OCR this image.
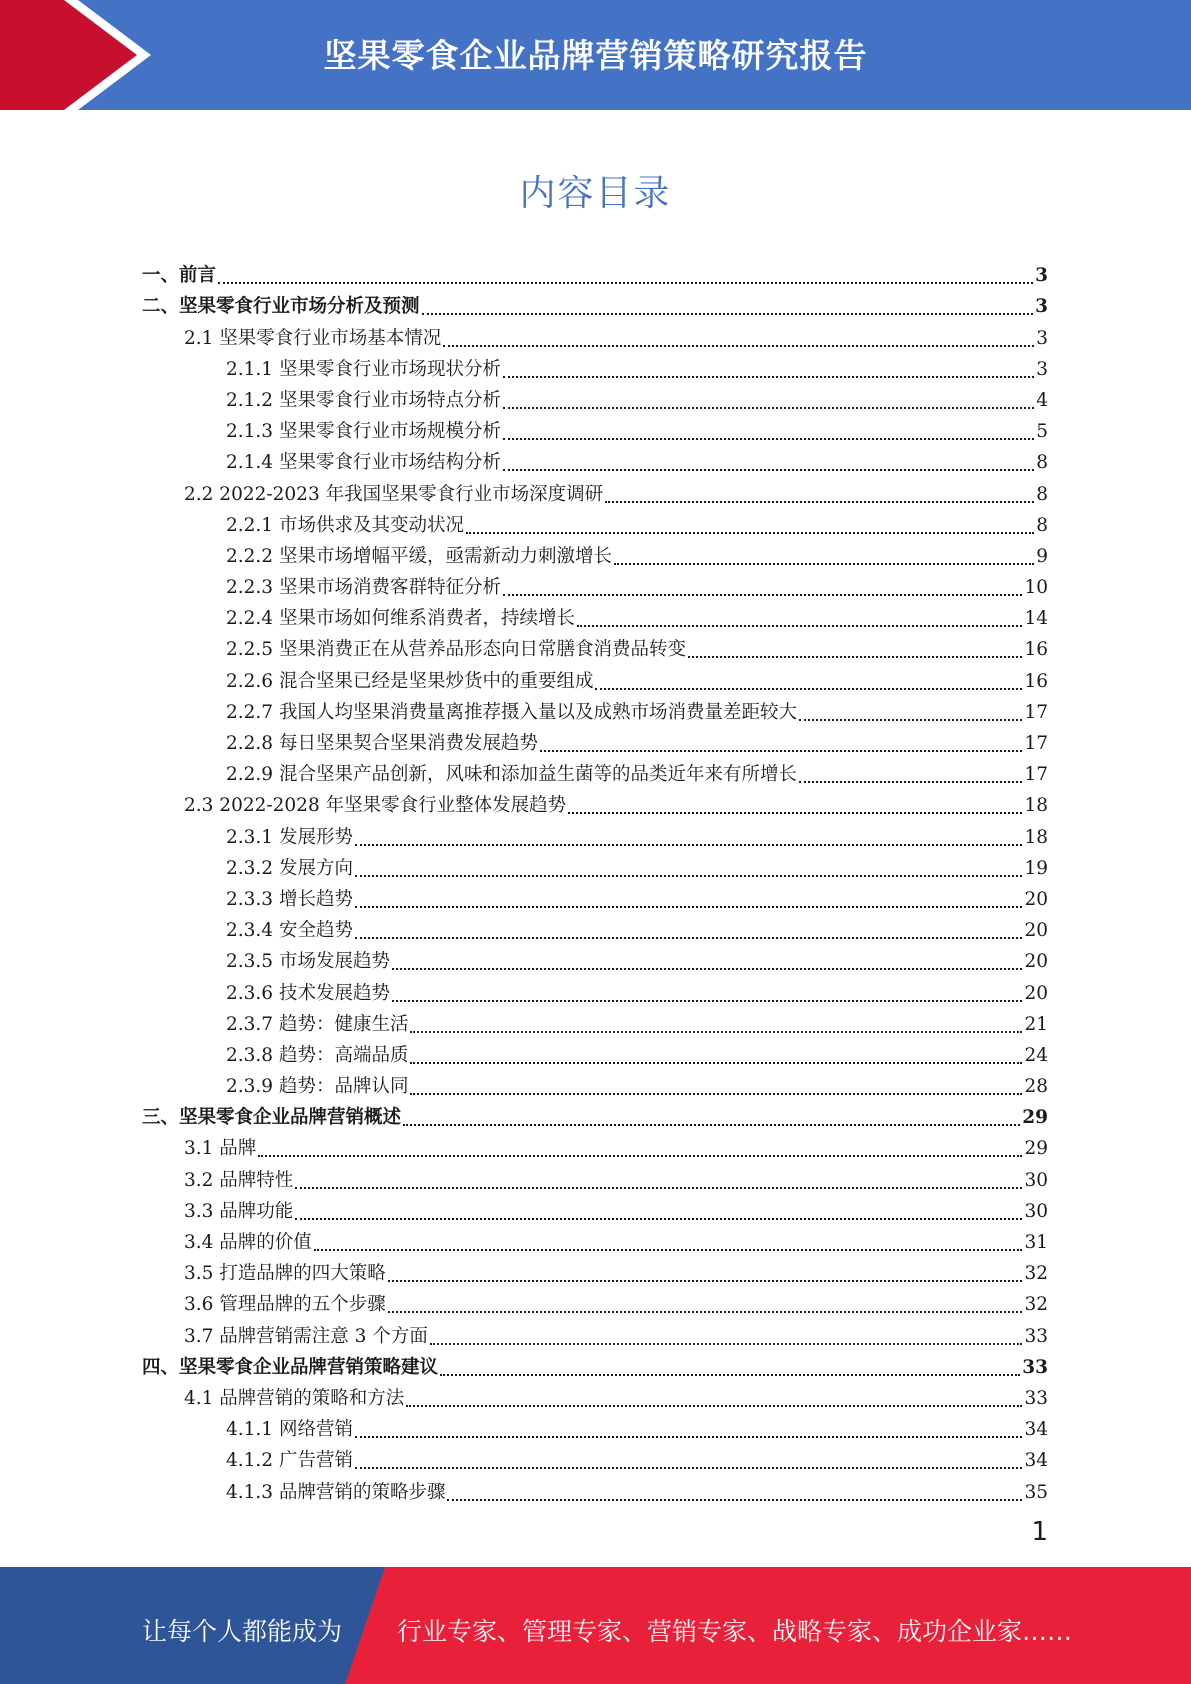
坚果零食企业品牌营销策略研究报告
内容目录
一、前言	3
二、坚果零食行业市场分析及预测	3
2.1 坚果零食行业市场基本情况	3
2.1.1 坚果零食行业市场现状分析	3
2.1.2 坚果零食行业市场特点分析	4
2.1.3 坚果零食行业市场规模分析	5
2.1.4 坚果零食行业市场结构分析	8
2.2 2022-2023 年我国坚果零食行业市场深度调研	8
2.2.1 市场供求及其变动状况	8
2.2.2 坚果市场增幅平缓，亟需新动力刺激增长	9
2.2.3 坚果市场消费客群特征分析	10
2.2.4 坚果市场如何维系消费者，持续增长	14
2.2.5 坚果消费正在从营养品形态向日常膳食消费品转变	16
2.2.6 混合坚果已经是坚果炒货中的重要组成	16
2.2.7 我国人均坚果消费量离推荐摄入量以及成熟市场消费量差距较大	17
2.2.8 每日坚果契合坚果消费发展趋势	17
2.2.9 混合坚果产品创新，风味和添加益生菌等的品类近年来有所增长	17
2.3 2022-2028 年坚果零食行业整体发展趋势	18
2.3.1 发展形势	18
2.3.2 发展方向	19
2.3.3 增长趋势	20
2.3.4 安全趋势	20
2.3.5 市场发展趋势	20
2.3.6 技术发展趋势	20
2.3.7 趋势：健康生活	21
2.3.8 趋势：高端品质	24
2.3.9 趋势：品牌认同	28
三、坚果零食企业品牌营销概述	29
3.1 品牌	29
3.2 品牌特性	30
3.3 品牌功能	30
3.4 品牌的价值	31
3.5 打造品牌的四大策略	32
3.6 管理品牌的五个步骤	32
3.7 品牌营销需注意 3 个方面	33
四、坚果零食企业品牌营销策略建议	33
4.1 品牌营销的策略和方法	33
4.1.1 网络营销	34
4.1.2 广告营销	34
4.1.3 品牌营销的策略步骤	35
1
让每个人都能成为 行业专家、管理专家、营销专家、战略专家、成功企业家……
